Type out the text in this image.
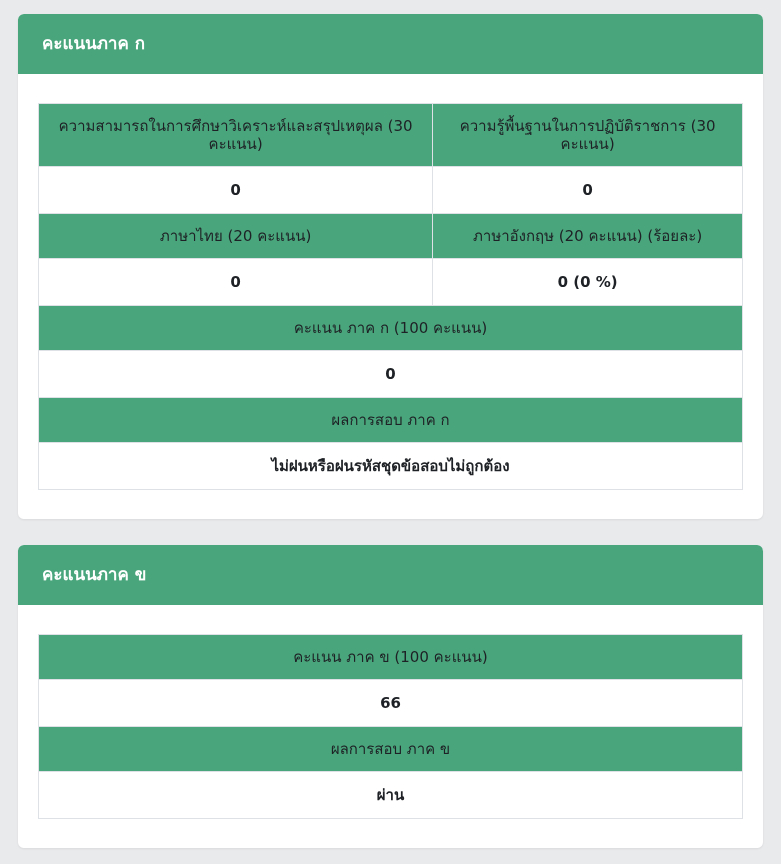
คะแนนภาค ก
ความสามารถในการศึกษาวิเคราะห์และสรุปเหตุผล (30 คะแนน)	ความรู้พื้นฐานในการปฏิบัติราชการ (30 คะแนน)
0	0
ภาษาไทย (20 คะแนน)	ภาษาอังกฤษ (20 คะแนน) (ร้อยละ)
0	0 (0 %)
คะแนน ภาค ก (100 คะแนน)	
0	
ผลการสอบ ภาค ก	
ไม่ฝนหรือฝนรหัสชุดข้อสอบไม่ถูกต้อง	
คะแนนภาค ข
คะแนน ภาค ข (100 คะแนน)
66
ผลการสอบ ภาค ข
ผ่าน
